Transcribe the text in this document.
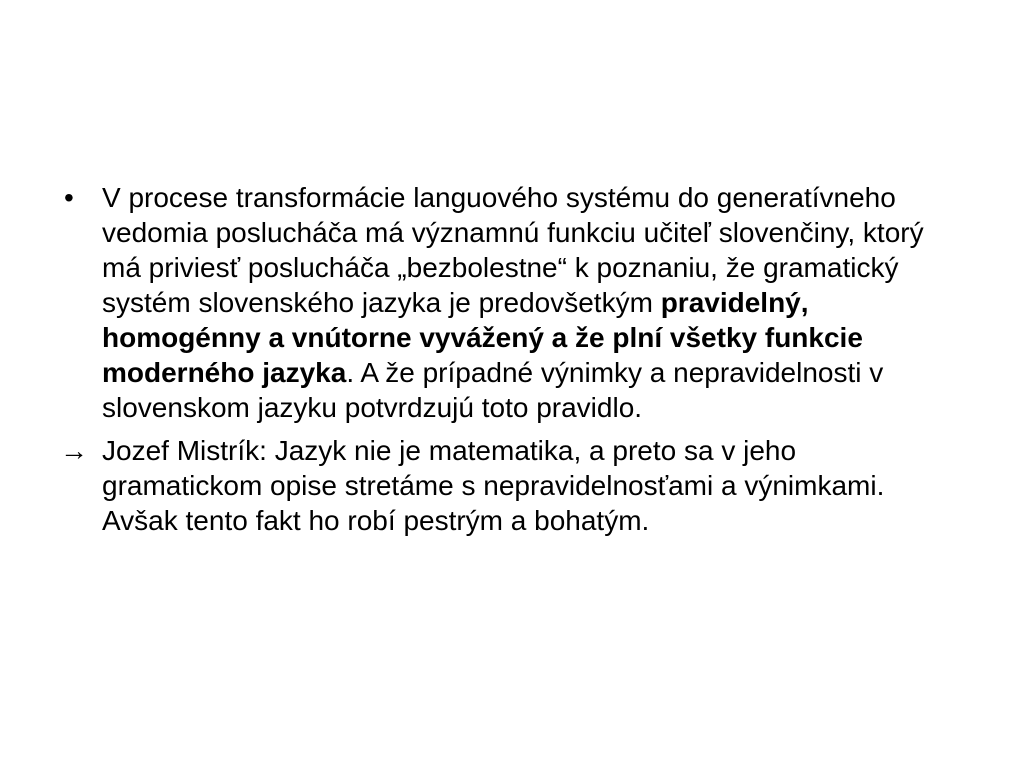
• V procese transformácie languového systému do generatívneho vedomia poslucháča má významnú funkciu učiteľ slovenčiny, ktorý má priviesť poslucháča „bezbolestne“ k poznaniu, že gramatický systém slovenského jazyka je predovšetkým pravidelný, homogénny a vnútorne vyvážený a že plní všetky funkcie moderného jazyka. A že prípadné výnimky a nepravidelnosti v slovenskom jazyku potvrdzujú toto pravidlo.
→ Jozef Mistrík: Jazyk nie je matematika, a preto sa v jeho gramatickom opise stretáme s nepravidelnosťami a výnimkami. Avšak tento fakt ho robí pestrým a bohatým.
